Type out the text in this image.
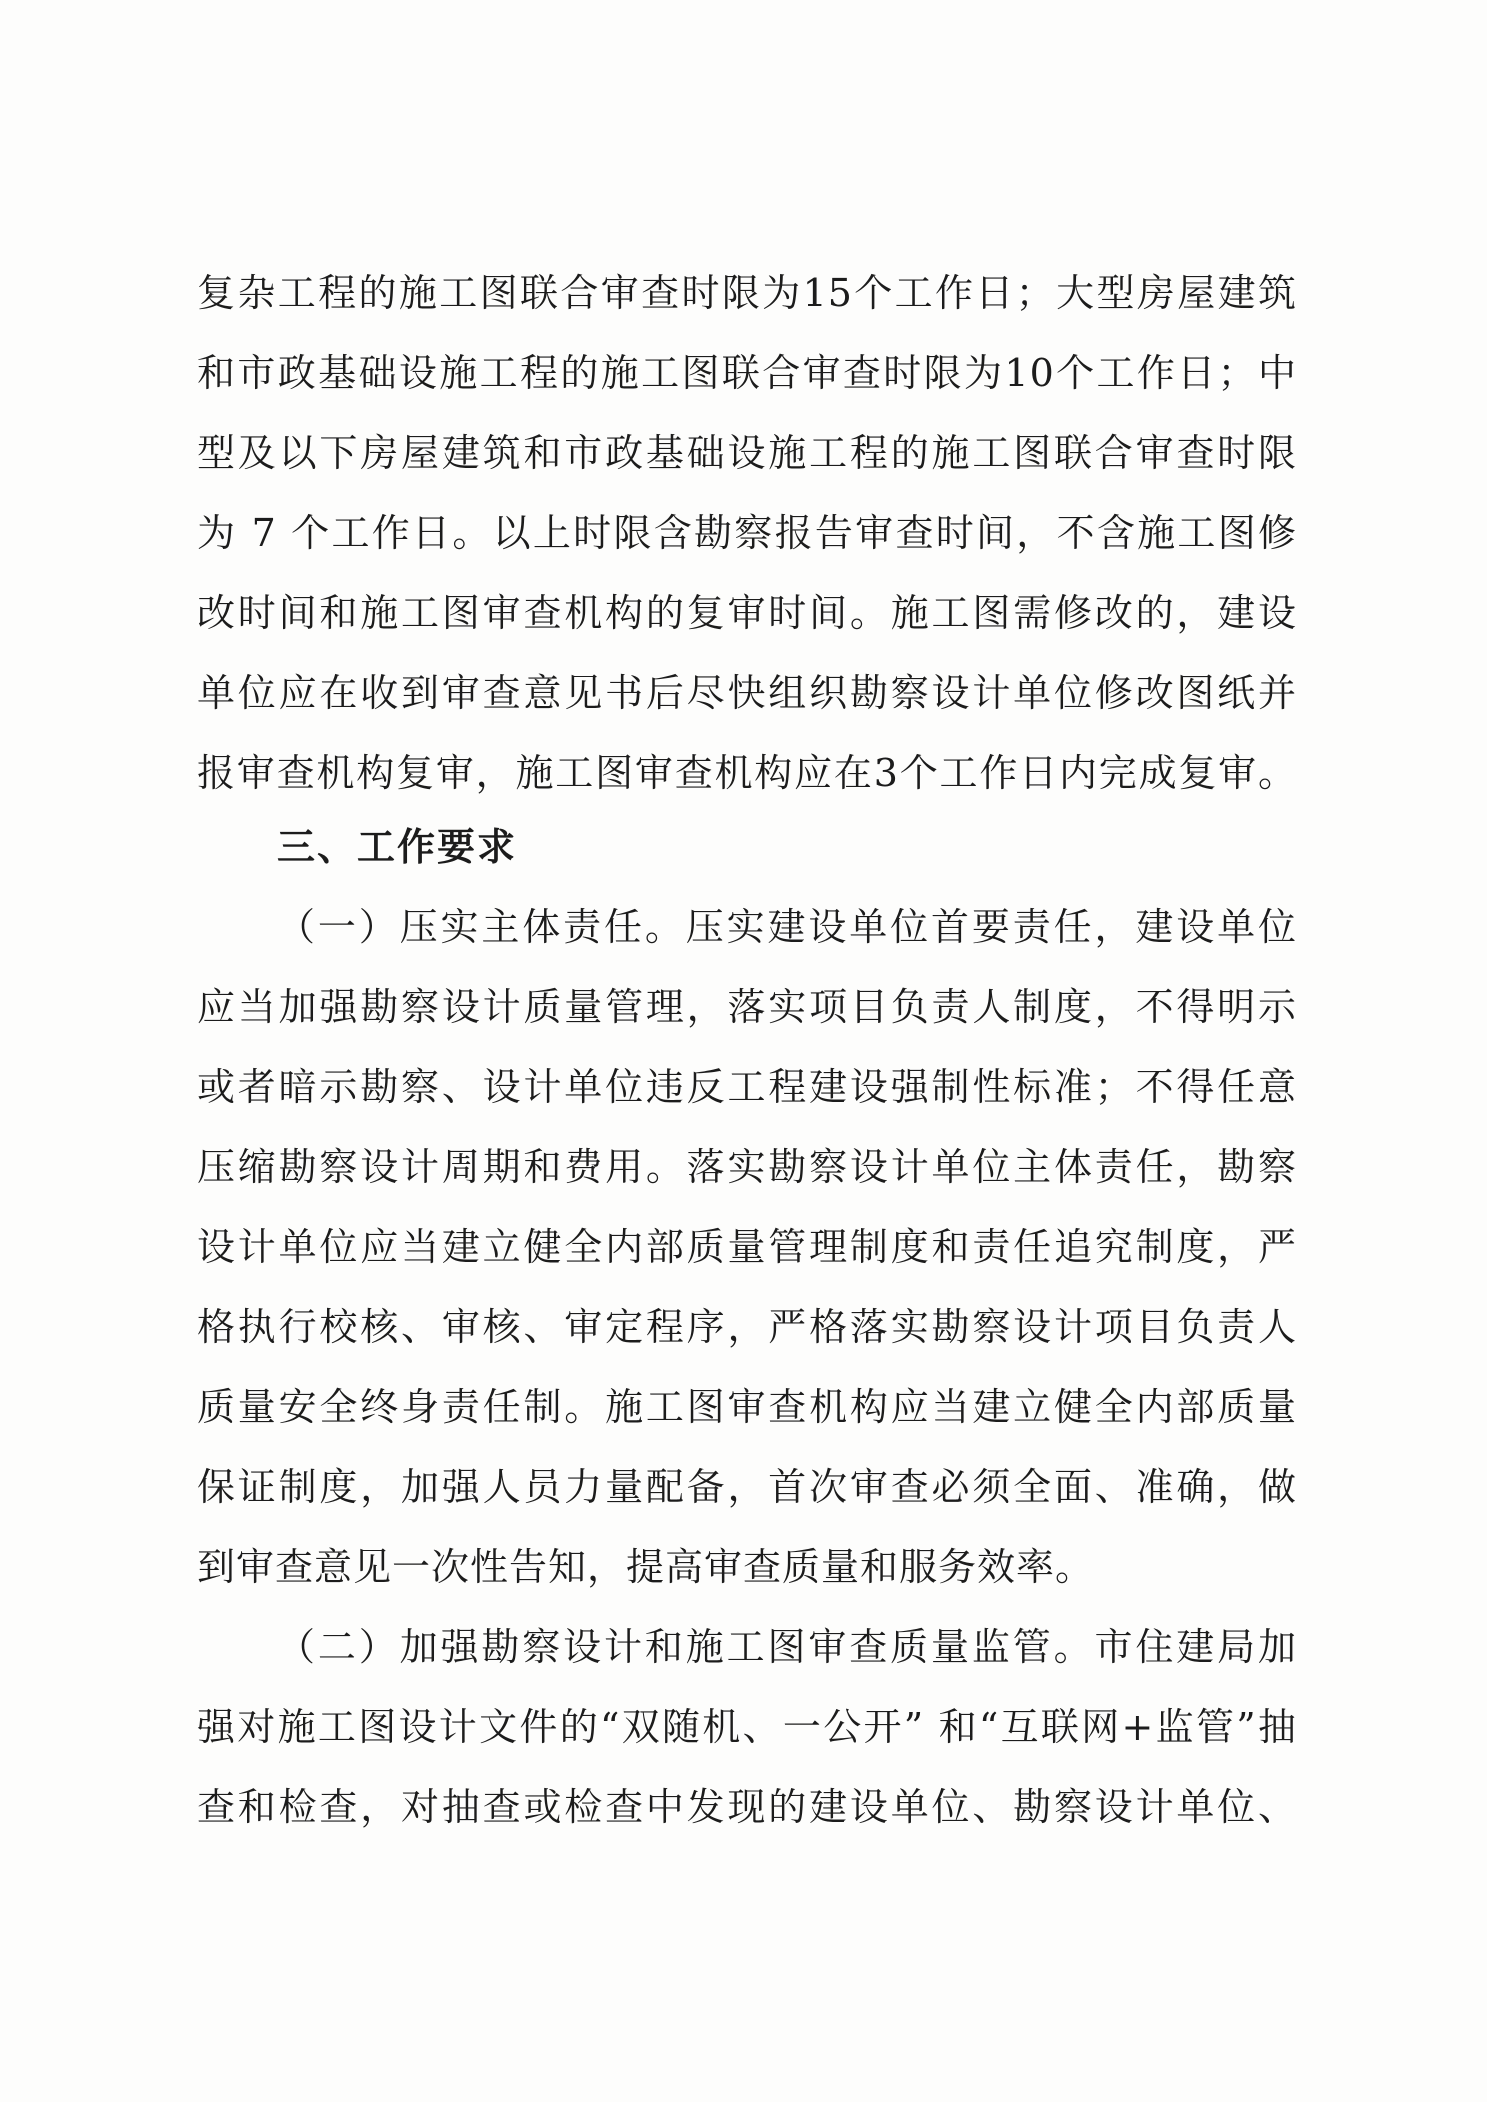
复杂工程的施工图联合审查时限为15个工作日；大型房屋建筑
和市政基础设施工程的施工图联合审查时限为10个工作日；中
型及以下房屋建筑和市政基础设施工程的施工图联合审查时限
为 7 个工作日。以上时限含勘察报告审查时间，不含施工图修
改时间和施工图审查机构的复审时间。施工图需修改的，建设
单位应在收到审查意见书后尽快组织勘察设计单位修改图纸并
报审查机构复审，施工图审查机构应在3个工作日内完成复审。
三、工作要求
（一）压实主体责任。压实建设单位首要责任，建设单位
应当加强勘察设计质量管理，落实项目负责人制度，不得明示
或者暗示勘察、设计单位违反工程建设强制性标准；不得任意
压缩勘察设计周期和费用。落实勘察设计单位主体责任，勘察
设计单位应当建立健全内部质量管理制度和责任追究制度，严
格执行校核、审核、审定程序，严格落实勘察设计项目负责人
质量安全终身责任制。施工图审查机构应当建立健全内部质量
保证制度，加强人员力量配备，首次审查必须全面、准确，做
到审查意见一次性告知，提高审查质量和服务效率。
（二）加强勘察设计和施工图审查质量监管。市住建局加
强对施工图设计文件的“双随机、一公开” 和“互联网+监管”抽
查和检查，对抽查或检查中发现的建设单位、勘察设计单位、
